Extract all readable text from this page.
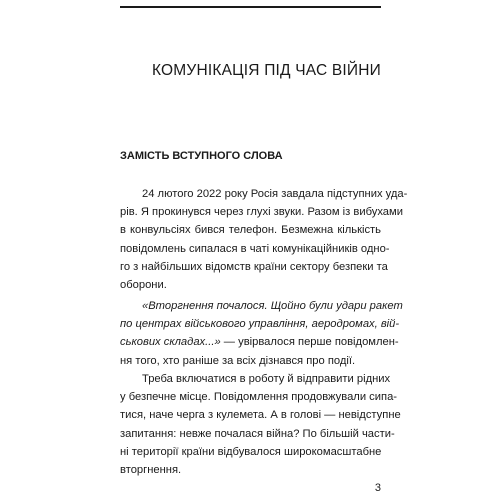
КОМУНІКАЦІЯ ПІД ЧАС ВІЙНИ
ЗАМІСТЬ ВСТУПНОГО СЛОВА
24 лютого 2022 року Росія завдала підступних уда-
рів. Я прокинувся через глухі звуки. Разом із вибухами
в конвульсіях бився телефон. Безмежна кількість
повідомлень сипалася в чаті комунікаційників одно-
го з найбільших відомств країни сектору безпеки та
оборони.
«Вторгнення почалося. Щойно були удари ракет
по центрах військового управління, аеродромах, вій-
ськових складах...» — увірвалося перше повідомлен-
ня того, хто раніше за всіх дізнався про події.
Треба включатися в роботу й відправити рідних
у безпечне місце. Повідомлення продовжували сипа-
тися, наче черга з кулемета. А в голові — невідступне
запитання: невже почалася війна? По більшій части-
ні території країни відбувалося широкомасштабне
вторгнення.
3
